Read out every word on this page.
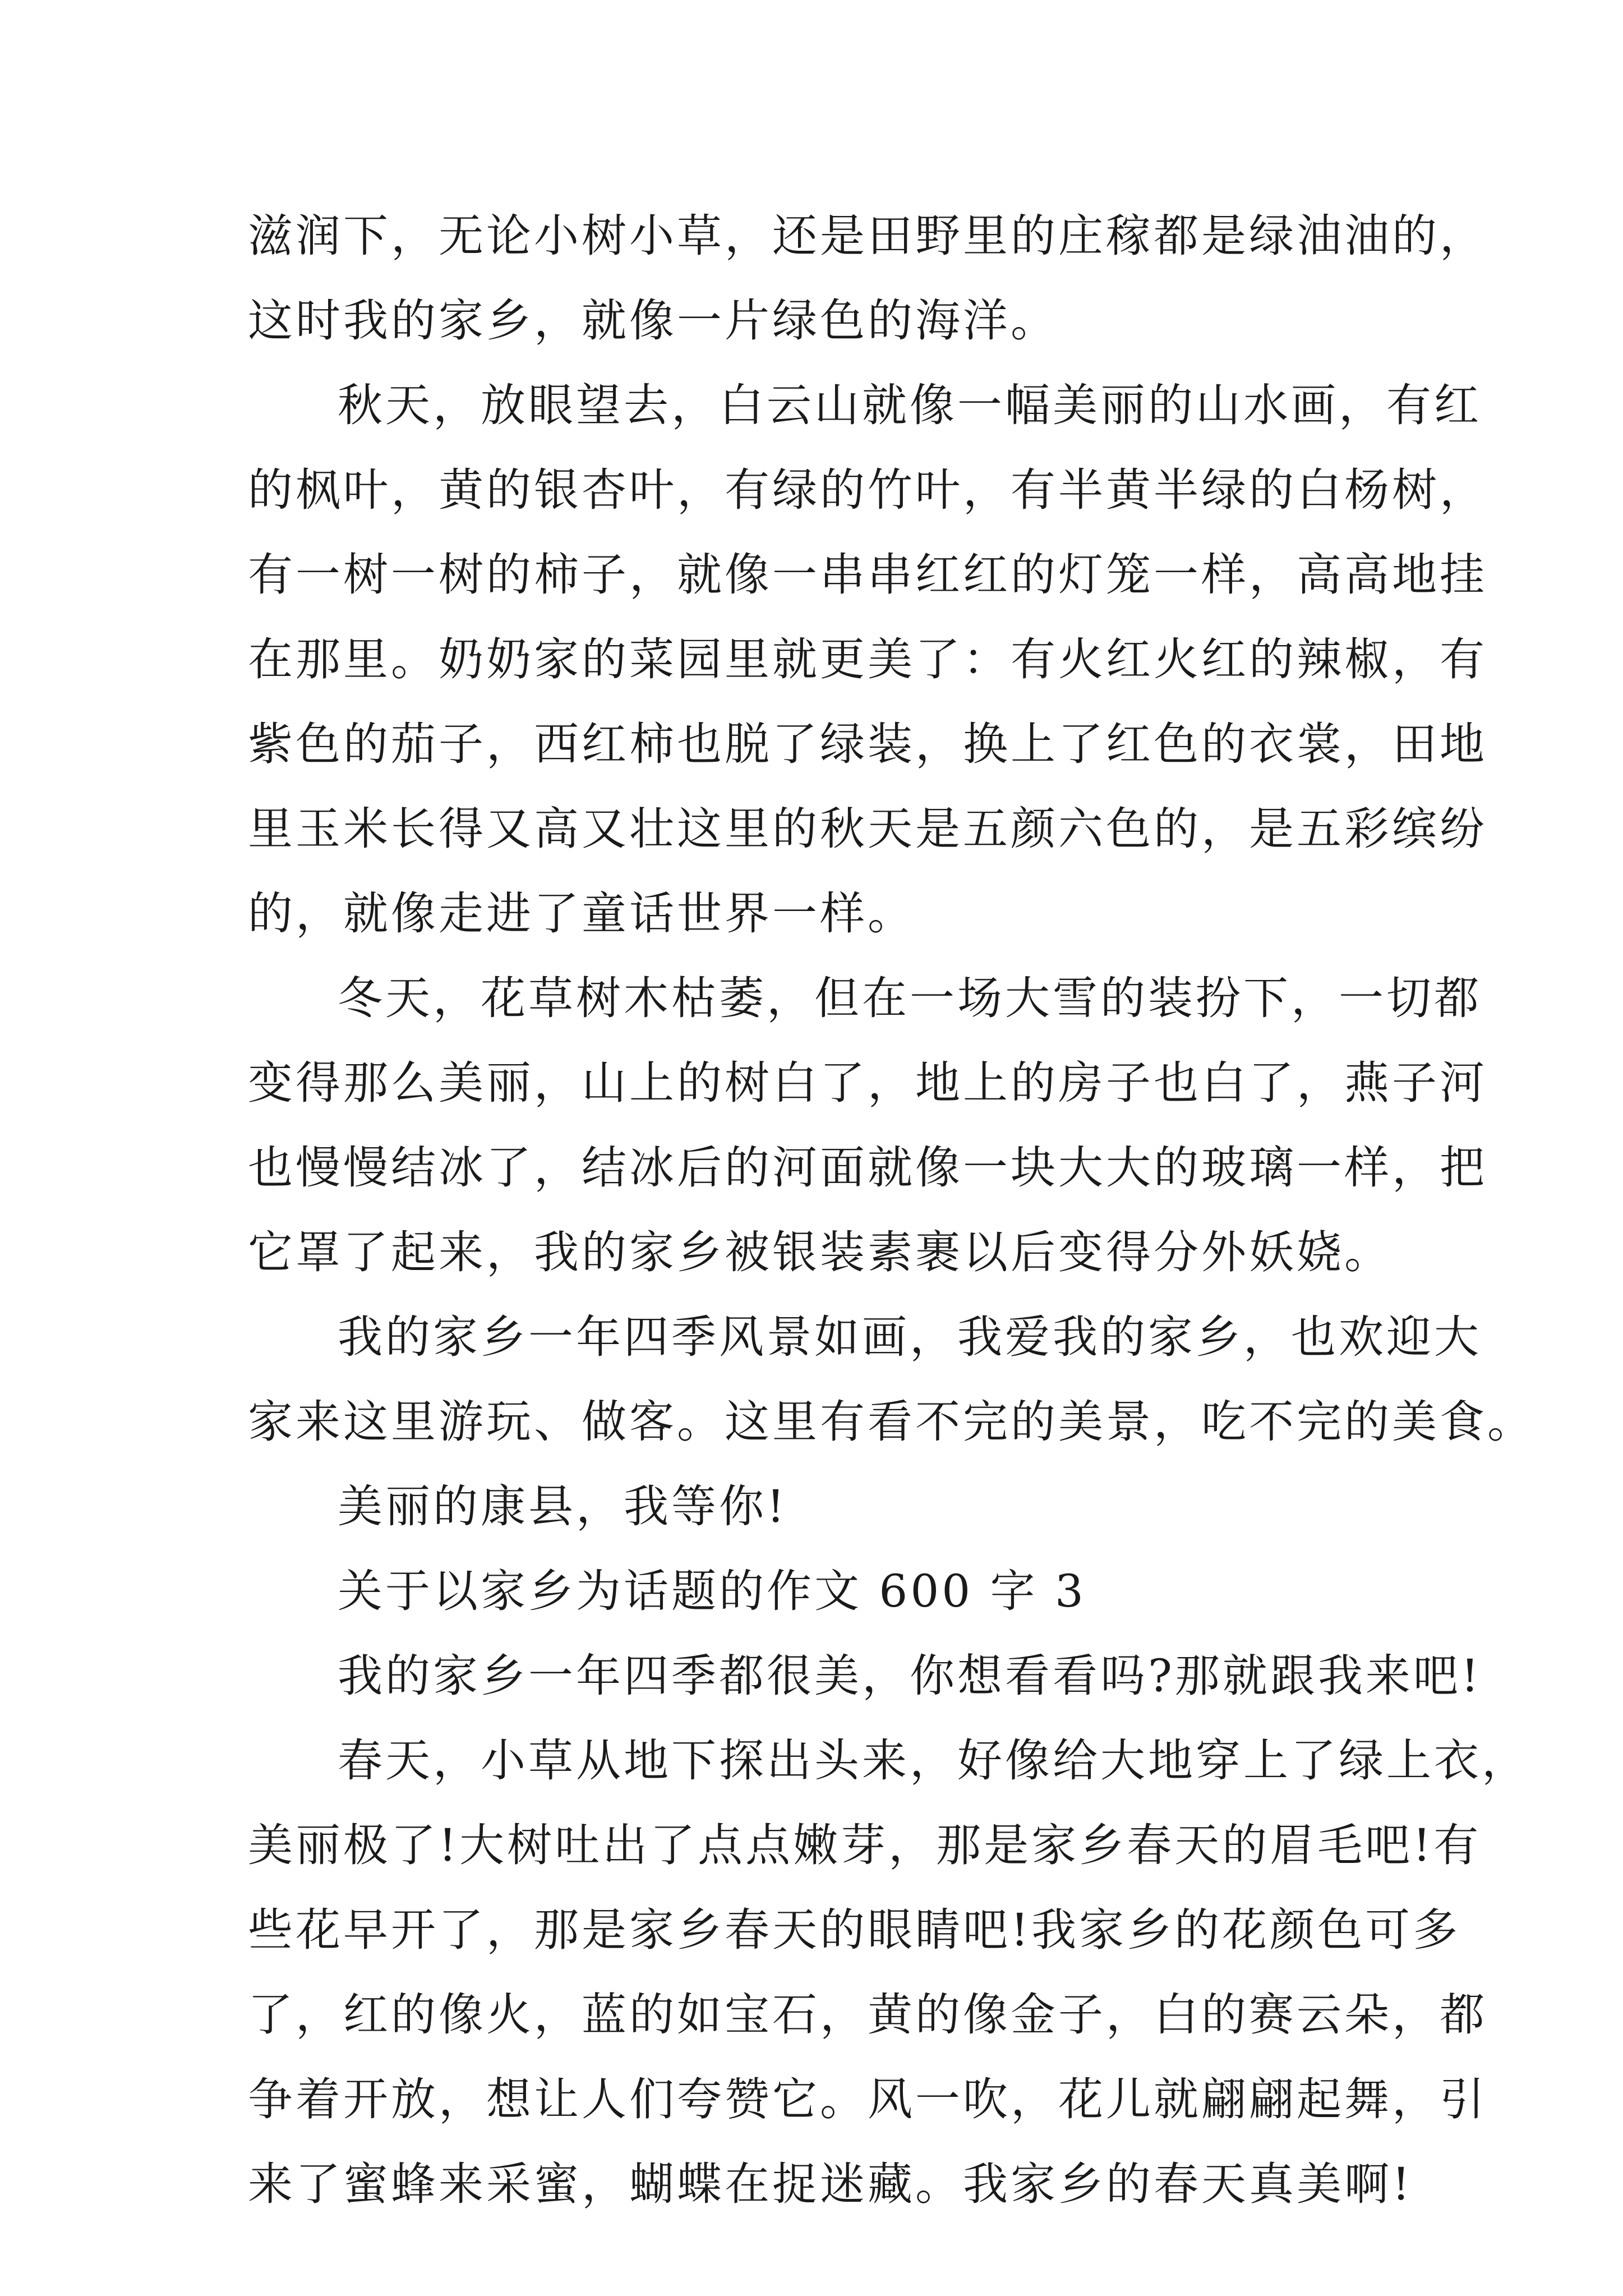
滋润下，无论小树小草，还是田野里的庄稼都是绿油油的，
这时我的家乡，就像一片绿色的海洋。
秋天，放眼望去，白云山就像一幅美丽的山水画，有红
的枫叶，黄的银杏叶，有绿的竹叶，有半黄半绿的白杨树，
有一树一树的柿子，就像一串串红红的灯笼一样，高高地挂
在那里。奶奶家的菜园里就更美了：有火红火红的辣椒，有
紫色的茄子，西红柿也脱了绿装，换上了红色的衣裳，田地
里玉米长得又高又壮这里的秋天是五颜六色的，是五彩缤纷
的，就像走进了童话世界一样。
冬天，花草树木枯萎，但在一场大雪的装扮下，一切都
变得那么美丽，山上的树白了，地上的房子也白了，燕子河
也慢慢结冰了，结冰后的河面就像一块大大的玻璃一样，把
它罩了起来，我的家乡被银装素裹以后变得分外妖娆。
我的家乡一年四季风景如画，我爱我的家乡，也欢迎大
家来这里游玩、做客。这里有看不完的美景，吃不完的美食。
美丽的康县，我等你!
关于以家乡为话题的作文 600 字 3
我的家乡一年四季都很美，你想看看吗?那就跟我来吧!
春天，小草从地下探出头来，好像给大地穿上了绿上衣，
美丽极了!大树吐出了点点嫩芽，那是家乡春天的眉毛吧!有
些花早开了，那是家乡春天的眼睛吧!我家乡的花颜色可多
了，红的像火，蓝的如宝石，黄的像金子，白的赛云朵，都
争着开放，想让人们夸赞它。风一吹，花儿就翩翩起舞，引
来了蜜蜂来采蜜，蝴蝶在捉迷藏。我家乡的春天真美啊!
